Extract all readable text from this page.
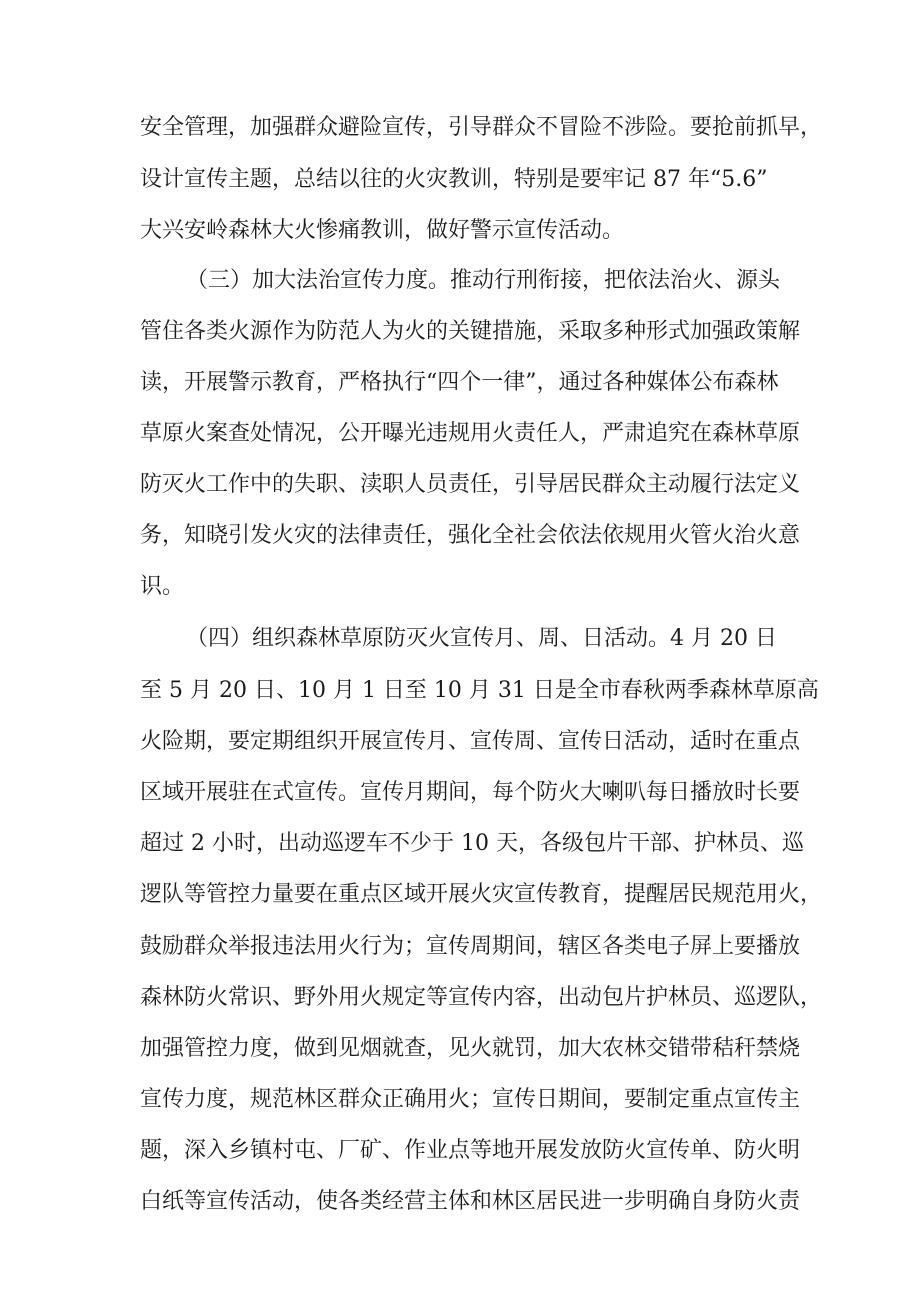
安全管理，加强群众避险宣传，引导群众不冒险不涉险。要抢前抓早，
设计宣传主题，总结以往的火灾教训，特别是要牢记 87 年“5.6”
大兴安岭森林大火惨痛教训，做好警示宣传活动。
（三）加大法治宣传力度。推动行刑衔接，把依法治火、源头
管住各类火源作为防范人为火的关键措施，采取多种形式加强政策解
读，开展警示教育，严格执行“四个一律”，通过各种媒体公布森林
草原火案查处情况，公开曝光违规用火责任人，严肃追究在森林草原
防灭火工作中的失职、渎职人员责任，引导居民群众主动履行法定义
务，知晓引发火灾的法律责任，强化全社会依法依规用火管火治火意
识。
（四）组织森林草原防灭火宣传月、周、日活动。4 月 20 日
至 5 月 20 日、10 月 1 日至 10 月 31 日是全市春秋两季森林草原高
火险期，要定期组织开展宣传月、宣传周、宣传日活动，适时在重点
区域开展驻在式宣传。宣传月期间，每个防火大喇叭每日播放时长要
超过 2 小时，出动巡逻车不少于 10 天，各级包片干部、护林员、巡
逻队等管控力量要在重点区域开展火灾宣传教育，提醒居民规范用火，
鼓励群众举报违法用火行为；宣传周期间，辖区各类电子屏上要播放
森林防火常识、野外用火规定等宣传内容，出动包片护林员、巡逻队，
加强管控力度，做到见烟就查，见火就罚，加大农林交错带秸秆禁烧
宣传力度，规范林区群众正确用火；宣传日期间，要制定重点宣传主
题，深入乡镇村屯、厂矿、作业点等地开展发放防火宣传单、防火明
白纸等宣传活动，使各类经营主体和林区居民进一步明确自身防火责
